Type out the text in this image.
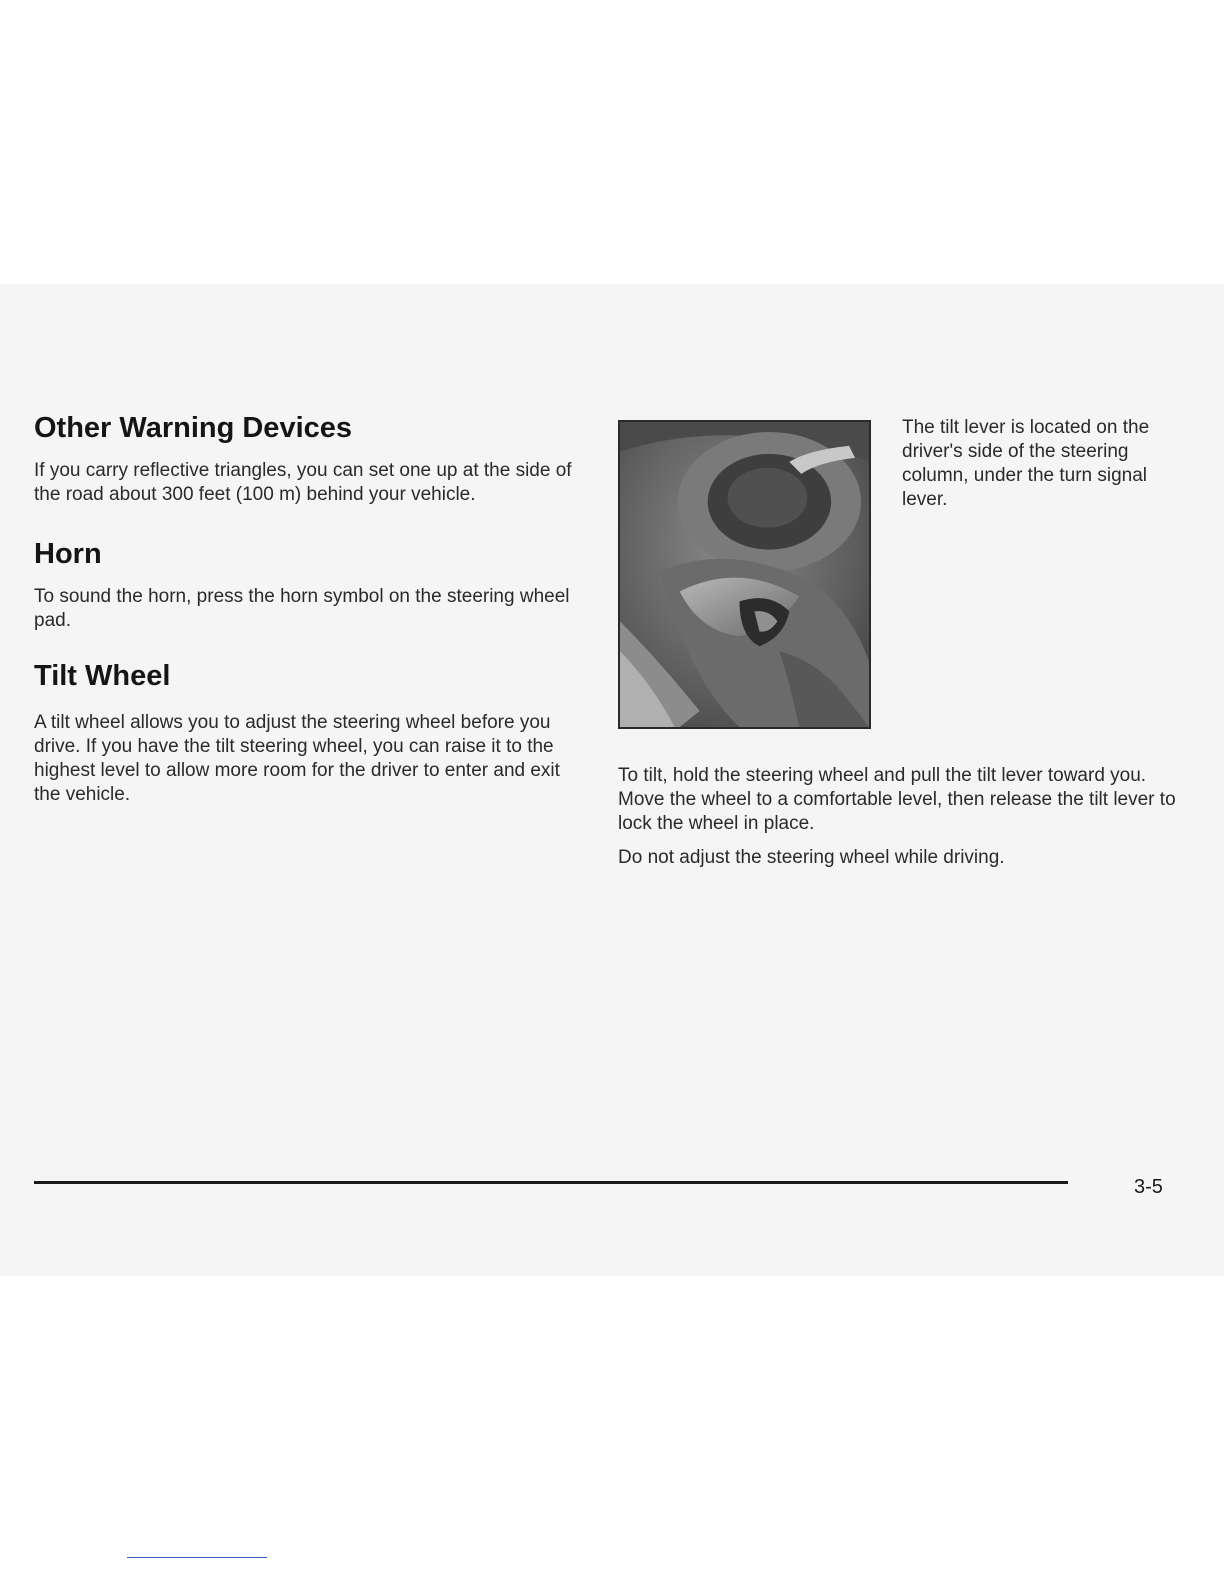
Other Warning Devices

If you carry reflective triangles, you can set one up at the side of the road about 300 feet (100 m) behind your vehicle.

Horn

To sound the horn, press the horn symbol on the steering wheel pad.

Tilt Wheel

A tilt wheel allows you to adjust the steering wheel before you drive. If you have the tilt steering wheel, you can raise it to the highest level to allow more room for the driver to enter and exit the vehicle.

The tilt lever is located on the driver's side of the steering column, under the turn signal lever.

To tilt, hold the steering wheel and pull the tilt lever toward you. Move the wheel to a comfortable level, then release the tilt lever to lock the wheel in place.

Do not adjust the steering wheel while driving.

3-5
